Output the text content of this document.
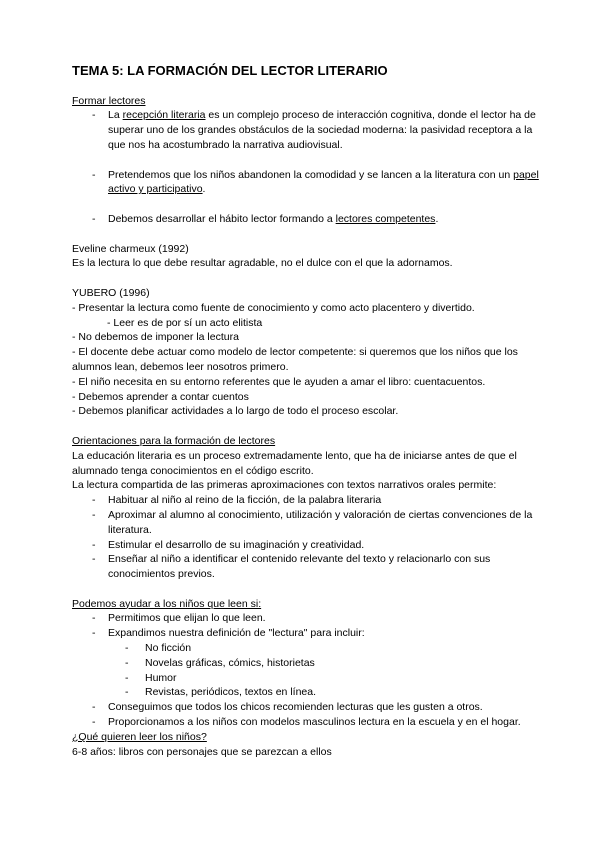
TEMA 5: LA FORMACIÓN DEL LECTOR LITERARIO
Formar lectores
-	La recepción literaria es un complejo proceso de interacción cognitiva, donde el lector ha de superar uno de los grandes obstáculos de la sociedad moderna: la pasividad receptora a la que nos ha acostumbrado la narrativa audiovisual.
-	Pretendemos que los niños abandonen la comodidad y se lancen a la literatura con un papel activo y participativo.
-	Debemos desarrollar el hábito lector formando a lectores competentes.
Eveline charmeux (1992)
Es la lectura lo que debe resultar agradable, no el dulce con el que la adornamos.
YUBERO (1996)
- Presentar la lectura como fuente de conocimiento y como acto placentero y divertido.
- Leer es de por sí un acto elitista
- No debemos de imponer la lectura
- El docente debe actuar como modelo de lector competente: si queremos que los niños que los alumnos lean, debemos leer nosotros primero.
- El niño necesita en su entorno referentes que le ayuden a amar el libro: cuentacuentos.
- Debemos aprender a contar cuentos
- Debemos planificar actividades a lo largo de todo el proceso escolar.
Orientaciones para la formación de lectores
La educación literaria es un proceso extremadamente lento, que ha de iniciarse antes de que el alumnado tenga conocimientos en el código escrito.
La lectura compartida de las primeras aproximaciones con textos narrativos orales permite:
-	Habituar al niño al reino de la ficción, de la palabra literaria
-	Aproximar al alumno al conocimiento, utilización y valoración de ciertas convenciones de la literatura.
-	Estimular el desarrollo de su imaginación y creatividad.
-	Enseñar al niño a identificar el contenido relevante del texto y relacionarlo con sus conocimientos previos.
Podemos ayudar a los niños que leen si:
-	Permitimos que elijan lo que leen.
-	Expandimos nuestra definición de "lectura" para incluir:
-	No ficción
-	Novelas gráficas, cómics, historietas
-	Humor
-	Revistas, periódicos, textos en línea.
-	Conseguimos que todos los chicos recomienden lecturas que les gusten a otros.
-	Proporcionamos a los niños con modelos masculinos lectura en la escuela y en el hogar.
¿Qué quieren leer los niños?
6-8 años: libros con personajes que se parezcan a ellos
